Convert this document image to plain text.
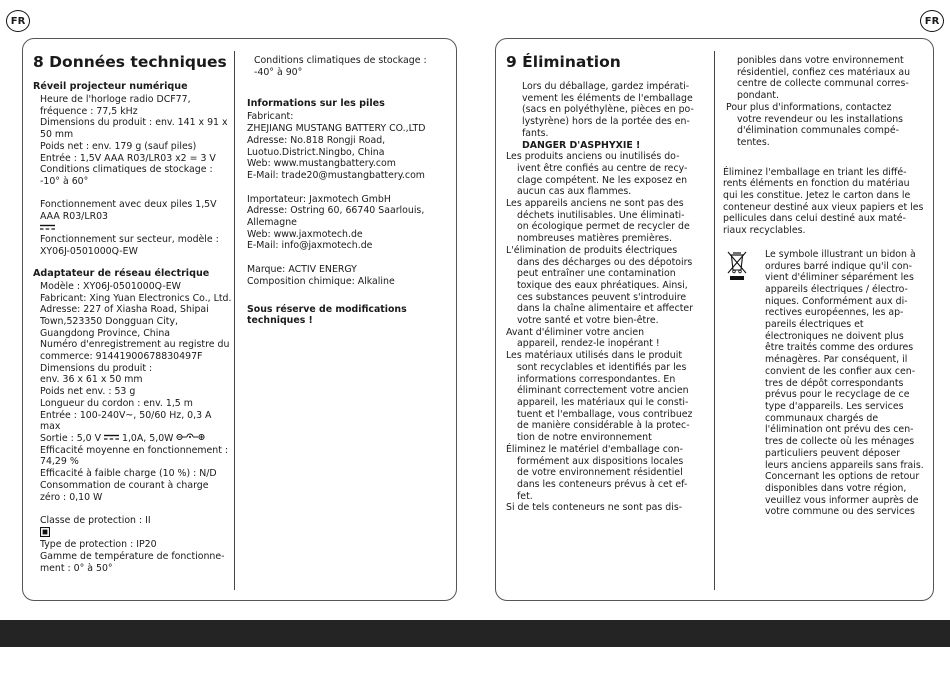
FR	FR
8 Données techniques
Réveil projecteur numérique
Heure de l'horloge radio DCF77,
fréquence : 77,5 kHz
Dimensions du produit : env. 141 x 91 x
50 mm
Poids net : env. 179 g (sauf piles)
Entrée : 1,5V AAA R03/LR03 x2 = 3 V
Conditions climatiques de stockage :
-10° à 60°

Fonctionnement avec deux piles 1,5V
AAA R03/LR03

Fonctionnement sur secteur, modèle :
XY06J-0501000Q-EW
Adaptateur de réseau électrique
Modèle : XY06J-0501000Q-EW
Fabricant: Xing Yuan Electronics Co., Ltd.
Adresse: 227 of Xiasha Road, Shipai
Town,523350 Dongguan City,
Guangdong Province, China
Numéro d'enregistrement au registre du
commerce: 91441900678830497F
Dimensions du produit :
env. 36 x 61 x 50 mm
Poids net env. : 53 g
Longueur du cordon : env. 1,5 m
Entrée : 100-240V~, 50/60 Hz, 0,3 A max
Sortie : 5,0 V 1,0A, 5,0W
Efficacité moyenne en fonctionnement :
74,29 %
Efficacité à faible charge (10 %) : N/D
Consommation de courant à charge
zéro : 0,10 W

Classe de protection : II

Type de protection : IP20
Gamme de température de fonctionne-
ment : 0° à 50°
Conditions climatiques de stockage :
-40° à 90°
Informations sur les piles
Fabricant:
ZHEJIANG MUSTANG BATTERY CO.,LTD
Adresse: No.818 Rongji Road,
Luotuo.District.Ningbo, China
Web: www.mustangbattery.com
E-Mail: trade20@mustangbattery.com
Importateur: Jaxmotech GmbH
Adresse: Ostring 60, 66740 Saarlouis,
Allemagne
Web: www.jaxmotech.de
E-Mail: info@jaxmotech.de
Marque: ACTIV ENERGY
Composition chimique: Alkaline
Sous réserve de modifications techniques !
9 Élimination
Lors du déballage, gardez impérati-
vement les éléments de l'emballage
(sacs en polyéthylène, pièces en po-
lystyrène) hors de la portée des en-
fants.
DANGER D'ASPHYXIE !
Les produits anciens ou inutilisés do-
ivent être confiés au centre de recy-
clage compétent. Ne les exposez en
aucun cas aux flammes.
Les appareils anciens ne sont pas des
déchets inutilisables. Une éliminati-
on écologique permet de recycler de
nombreuses matières premières.
L'élimination de produits électriques
dans des décharges ou des dépotoirs
peut entraîner une contamination
toxique des eaux phréatiques. Ainsi,
ces substances peuvent s'introduire
dans la chaîne alimentaire et affecter
votre santé et votre bien-être.
Avant d'éliminer votre ancien
appareil, rendez-le inopérant !
Les matériaux utilisés dans le produit
sont recyclables et identifiés par les
informations correspondantes. En
éliminant correctement votre ancien
appareil, les matériaux qui le consti-
tuent et l'emballage, vous contribuez
de manière considérable à la protec-
tion de notre environnement
Éliminez le matériel d'emballage con-
formément aux dispositions locales
de votre environnement résidentiel
dans les conteneurs prévus à cet ef-
fet.
Si de tels conteneurs ne sont pas dis-
ponibles dans votre environnement
résidentiel, confiez ces matériaux au
centre de collecte communal corres-
pondant.
Pour plus d'informations, contactez
votre revendeur ou les installations
d'élimination communales compé-
tentes.
Éliminez l'emballage en triant les diffé-
rents éléments en fonction du matériau
qui les constitue. Jetez le carton dans le
conteneur destiné aux vieux papiers et les
pellicules dans celui destiné aux maté-
riaux recyclables.
Le symbole illustrant un bidon à
ordures barré indique qu'il con-
vient d'éliminer séparément les
appareils électriques / électro-
niques. Conformément aux di-
rectives européennes, les ap-
pareils électriques et
électroniques ne doivent plus
être traités comme des ordures
ménagères. Par conséquent, il
convient de les confier aux cen-
tres de dépôt correspondants
prévus pour le recyclage de ce
type d'appareils. Les services
communaux chargés de
l'élimination ont prévu des cen-
tres de collecte où les ménages
particuliers peuvent déposer
leurs anciens appareils sans frais.
Concernant les options de retour
disponibles dans votre région,
veuillez vous informer auprès de
votre commune ou des services
